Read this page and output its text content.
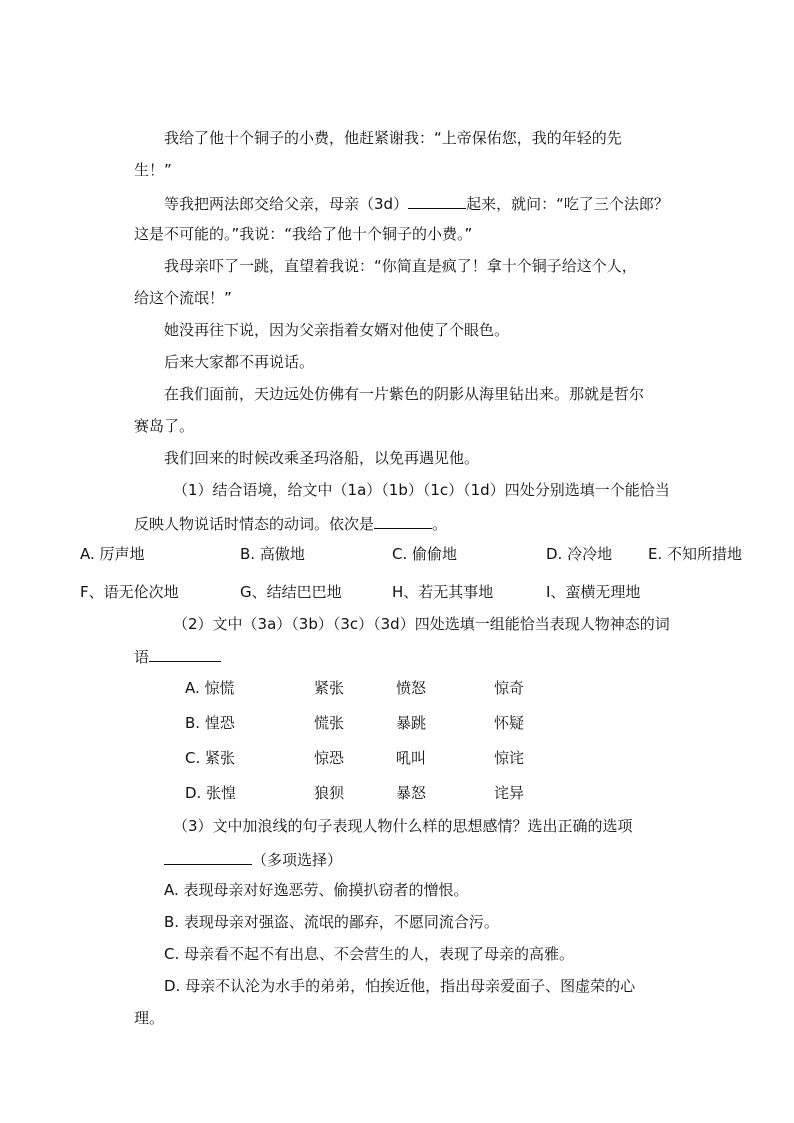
我给了他十个铜子的小费，他赶紧谢我：“上帝保佑您，我的年轻的先
生！”
等我把两法郎交给父亲，母亲（3d）	起来，就问：“吃了三个法郎？
这是不可能的。”我说：“我给了他十个铜子的小费。”
我母亲吓了一跳，直望着我说：“你简直是疯了！拿十个铜子给这个人，
给这个流氓！”
她没再往下说，因为父亲指着女婿对他使了个眼色。
后来大家都不再说话。
在我们面前，天边远处仿佛有一片紫色的阴影从海里钻出来。那就是哲尔
赛岛了。
我们回来的时候改乘圣玛洛船，以免再遇见他。
（1）结合语境，给文中（1a）（1b）（1c）（1d）四处分别选填一个能恰当
反映人物说话时情态的动词。依次是	。
A. 厉声地	B. 高傲地	C. 偷偷地	D. 冷冷地 E. 不知所措地
F、语无伦次地	G、结结巴巴地	H、若无其事地	I、蛮横无理地
（2）文中（3a）（3b）（3c）（3d）四处选填一组能恰当表现人物神态的词
语
A. 惊慌	紧张	愤怒	惊奇
B. 惶恐	慌张	暴跳	怀疑
C. 紧张	惊恐	吼叫	惊诧
D. 张惶	狼狈	暴怒	诧异
（3）文中加浪线的句子表现人物什么样的思想感情？选出正确的选项
（多项选择）
A. 表现母亲对好逸恶劳、偷摸扒窃者的憎恨。
B. 表现母亲对强盗、流氓的鄙弃，不愿同流合污。
C. 母亲看不起不有出息、不会营生的人，表现了母亲的高雅。
D. 母亲不认沦为水手的弟弟，怕挨近他，指出母亲爱面子、图虚荣的心
理。
